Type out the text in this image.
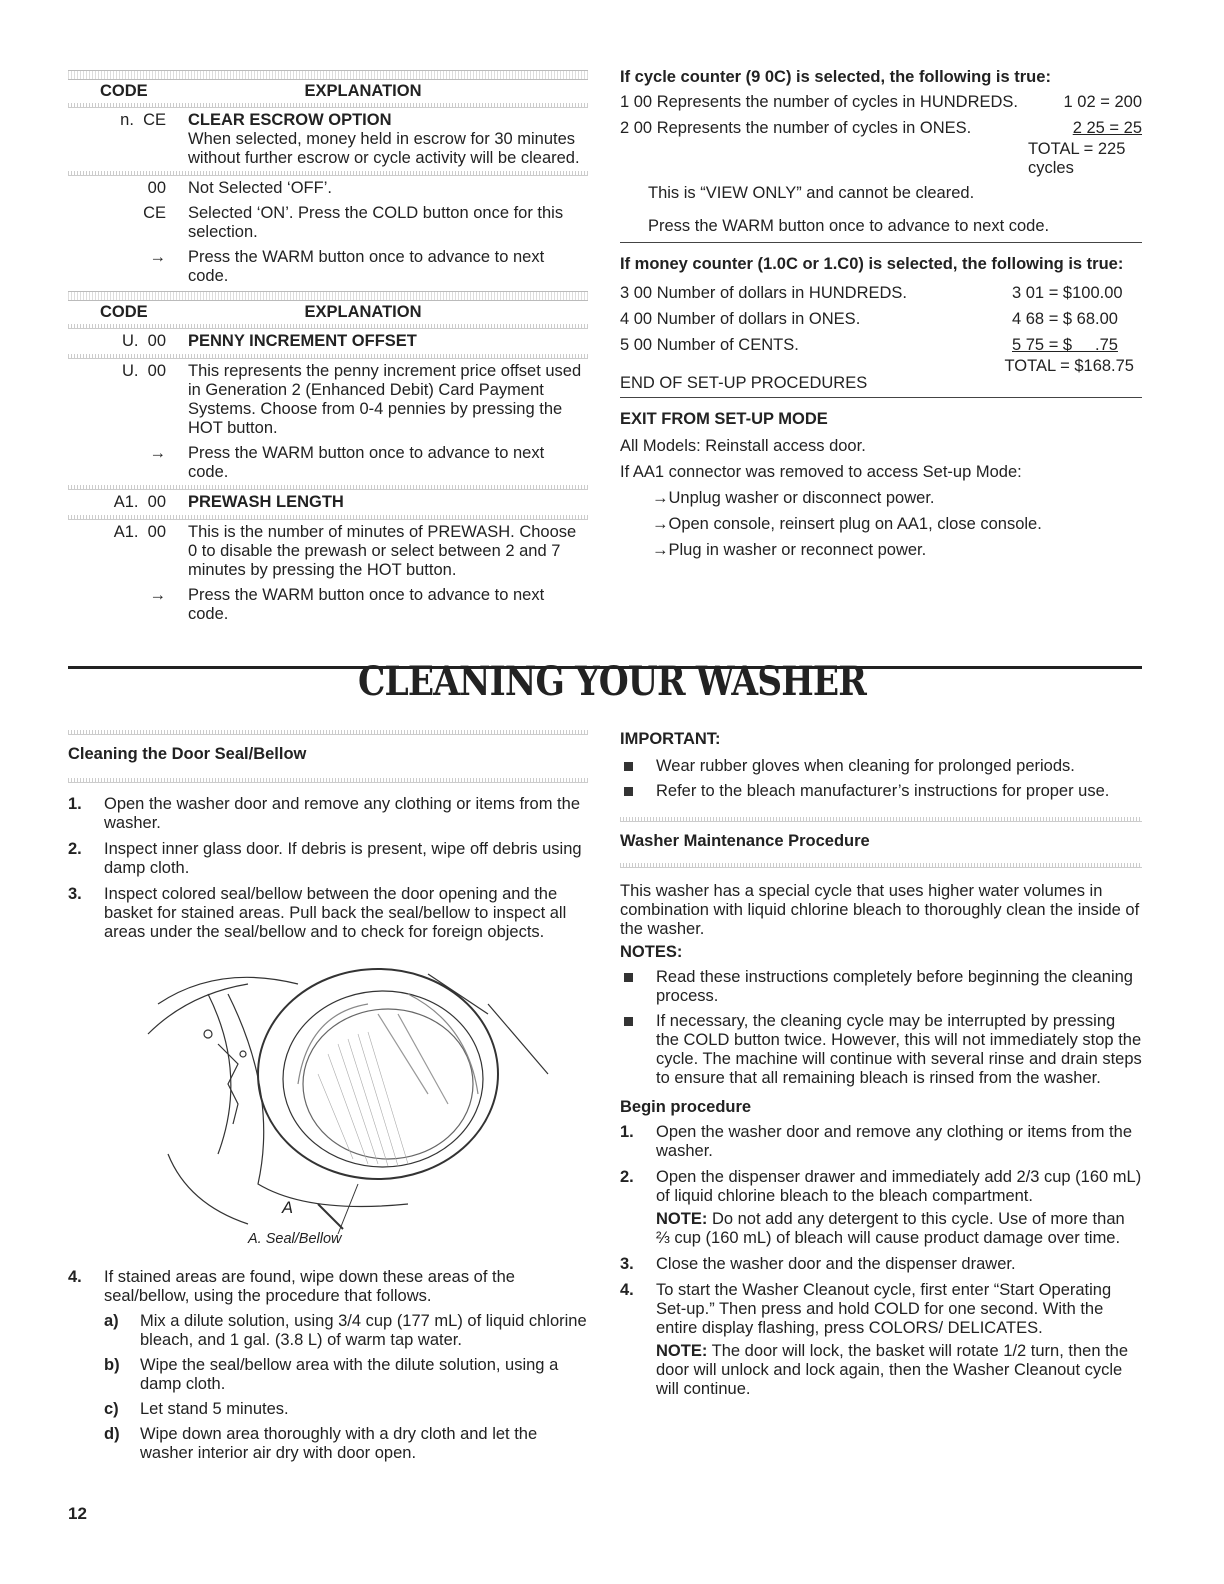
CODE	EXPLANATION
n.  CE	CLEAR ESCROW OPTION
When selected, money held in escrow for 30 minutes without further escrow or cycle activity will be cleared.
00	Not Selected ‘OFF’.
CE	Selected ‘ON’. Press the COLD button once for this selection.
→	Press the WARM button once to advance to next code.
CODE	EXPLANATION
U.  00	PENNY INCREMENT OFFSET
U.  00	This represents the penny increment price offset used in Generation 2 (Enhanced Debit) Card Payment Systems. Choose from 0-4 pennies by pressing the HOT button.
→	Press the WARM button once to advance to next code.
A1.  00	PREWASH LENGTH
A1.  00	This is the number of minutes of PREWASH. Choose 0 to disable the prewash or select between 2 and 7 minutes by pressing the HOT button.
→	Press the WARM button once to advance to next code.

If cycle counter (9 0C) is selected, the following is true:

1 00 Represents the number of cycles in HUNDREDS.	1 02 = 200
2 00 Represents the number of cycles in ONES.	2 25 = 25
TOTAL = 225
cycles

This is “VIEW ONLY” and cannot be cleared.

Press the WARM button once to advance to next code.

If money counter (1.0C or 1.C0) is selected, the following is true:

3 00 Number of dollars in HUNDREDS.	3 01 = $100.00
4 00 Number of dollars in ONES.	4 68 = $ 68.00
5 00 Number of CENTS.	5 75 = $     .75
TOTAL = $168.75
END OF SET-UP PROCEDURES

EXIT FROM SET-UP MODE

All Models: Reinstall access door.

If AA1 connector was removed to access Set-up Mode:

→Unplug washer or disconnect power.

→Open console, reinsert plug on AA1, close console.

→Plug in washer or reconnect power.

CLEANING YOUR WASHER
Cleaning the Door Seal/Bellow
1.	Open the washer door and remove any clothing or items from the washer.
2.	Inspect inner glass door. If debris is present, wipe off debris using damp cloth.
3.	Inspect colored seal/bellow between the door opening and the basket for stained areas. Pull back the seal/bellow to inspect all areas under the seal/bellow and to check for foreign objects.
A
A. Seal/Bellow
4.	If stained areas are found, wipe down these areas of the seal/bellow, using the procedure that follows.
a)	Mix a dilute solution, using 3/4 cup (177 mL) of liquid chlorine bleach, and 1 gal. (3.8 L) of warm tap water.
b)	Wipe the seal/bellow area with the dilute solution, using a damp cloth.
c)	Let stand 5 minutes.
d)	Wipe down area thoroughly with a dry cloth and let the washer interior air dry with door open.
IMPORTANT:
Wear rubber gloves when cleaning for prolonged periods.
Refer to the bleach manufacturer’s instructions for proper use.
Washer Maintenance Procedure
This washer has a special cycle that uses higher water volumes in combination with liquid chlorine bleach to thoroughly clean the inside of the washer.
NOTES:
Read these instructions completely before beginning the cleaning process.
If necessary, the cleaning cycle may be interrupted by pressing the COLD button twice. However, this will not immediately stop the cycle. The machine will continue with several rinse and drain steps to ensure that all remaining bleach is rinsed from the washer.
Begin procedure
1.	Open the washer door and remove any clothing or items from the washer.
2.	Open the dispenser drawer and immediately add 2/3 cup (160 mL) of liquid chlorine bleach to the bleach compartment.
NOTE: Do not add any detergent to this cycle. Use of more than ⅔ cup (160 mL) of bleach will cause product damage over time.
3.	Close the washer door and the dispenser drawer.
4.	To start the Washer Cleanout cycle, first enter “Start Operating Set-up.” Then press and hold COLD for one second. With the entire display flashing, press COLORS/ DELICATES.
NOTE: The door will lock, the basket will rotate 1/2 turn, then the door will unlock and lock again, then the Washer Cleanout cycle will continue.
12
